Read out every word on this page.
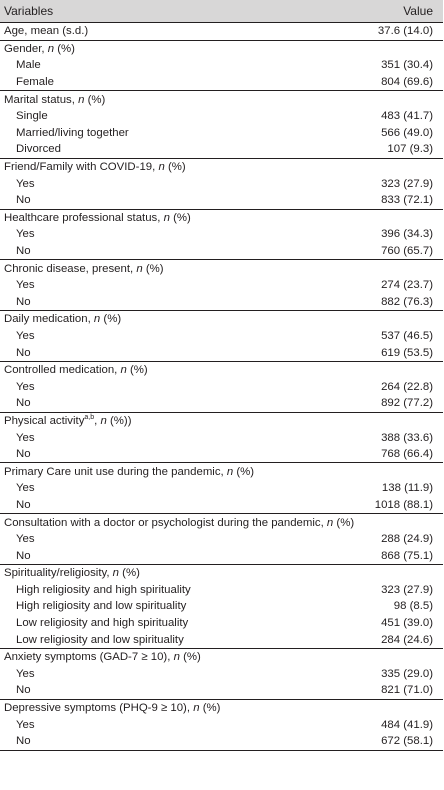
Variables	Value
Age, mean (s.d.)	37.6 (14.0)
Gender, n (%)
Male	351 (30.4)
Female	804 (69.6)
Marital status, n (%)
Single	483 (41.7)
Married/living together	566 (49.0)
Divorced	107 (9.3)
Friend/Family with COVID-19, n (%)
Yes	323 (27.9)
No	833 (72.1)
Healthcare professional status, n (%)
Yes	396 (34.3)
No	760 (65.7)
Chronic disease, present, n (%)
Yes	274 (23.7)
No	882 (76.3)
Daily medication, n (%)
Yes	537 (46.5)
No	619 (53.5)
Controlled medication, n (%)
Yes	264 (22.8)
No	892 (77.2)
Physical activity$^{a,b}$, n (%))
Yes	388 (33.6)
No	768 (66.4)
Primary Care unit use during the pandemic, n (%)
Yes	138 (11.9)
No	1018 (88.1)
Consultation with a doctor or psychologist during the pandemic, n (%)
Yes	288 (24.9)
No	868 (75.1)
Spirituality/religiosity, n (%)
High religiosity and high spirituality	323 (27.9)
High religiosity and low spirituality	98 (8.5)
Low religiosity and high spirituality	451 (39.0)
Low religiosity and low spirituality	284 (24.6)
Anxiety symptoms (GAD-7 ≥ 10), n (%)
Yes	335 (29.0)
No	821 (71.0)
Depressive symptoms (PHQ-9 ≥ 10), n (%)
Yes	484 (41.9)
No	672 (58.1)
